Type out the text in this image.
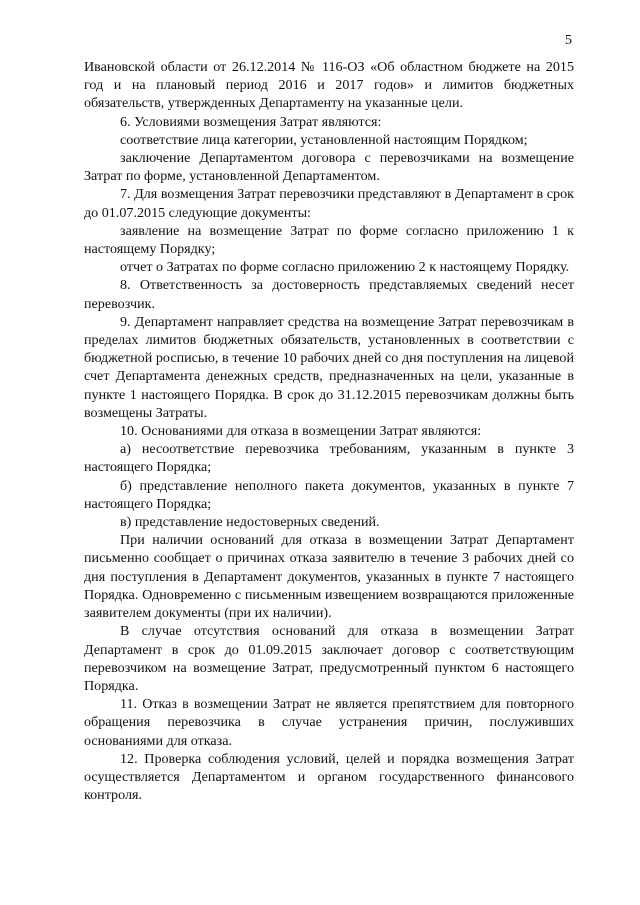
5

Ивановской области от 26.12.2014 № 116-ОЗ «Об областном бюджете на 2015 год и на плановый период 2016 и 2017 годов» и лимитов бюджетных обязательств, утвержденных Департаменту на указанные цели.

6. Условиями возмещения Затрат являются:

соответствие лица категории, установленной настоящим Порядком;

заключение Департаментом договора с перевозчиками на возмещение Затрат по форме, установленной Департаментом.

7. Для возмещения Затрат перевозчики представляют в Департамент в срок до 01.07.2015 следующие документы:

заявление на возмещение Затрат по форме согласно приложению 1 к настоящему Порядку;

отчет о Затратах по форме согласно приложению 2 к настоящему Порядку.

8. Ответственность за достоверность представляемых сведений несет перевозчик.

9. Департамент направляет средства на возмещение Затрат перевозчикам в пределах лимитов бюджетных обязательств, установленных в соответствии с бюджетной росписью, в течение 10 рабочих дней со дня поступления на лицевой счет Департамента денежных средств, предназначенных на цели, указанные в пункте 1 настоящего Порядка. В срок до 31.12.2015 перевозчикам должны быть возмещены Затраты.

10. Основаниями для отказа в возмещении Затрат являются:

а) несоответствие перевозчика требованиям, указанным в пункте 3 настоящего Порядка;

б) представление неполного пакета документов, указанных в пункте 7 настоящего Порядка;

в) представление недостоверных сведений.

При наличии оснований для отказа в возмещении Затрат Департамент письменно сообщает о причинах отказа заявителю в течение 3 рабочих дней со дня поступления в Департамент документов, указанных в пункте 7 настоящего Порядка. Одновременно с письменным извещением возвращаются приложенные заявителем документы (при их наличии).

В случае отсутствия оснований для отказа в возмещении Затрат Департамент в срок до 01.09.2015 заключает договор с соответствующим перевозчиком на возмещение Затрат, предусмотренный пунктом 6 настоящего Порядка.

11. Отказ в возмещении Затрат не является препятствием для повторного обращения перевозчика в случае устранения причин, послуживших основаниями для отказа.

12. Проверка соблюдения условий, целей и порядка возмещения Затрат осуществляется Департаментом и органом государственного финансового контроля.
